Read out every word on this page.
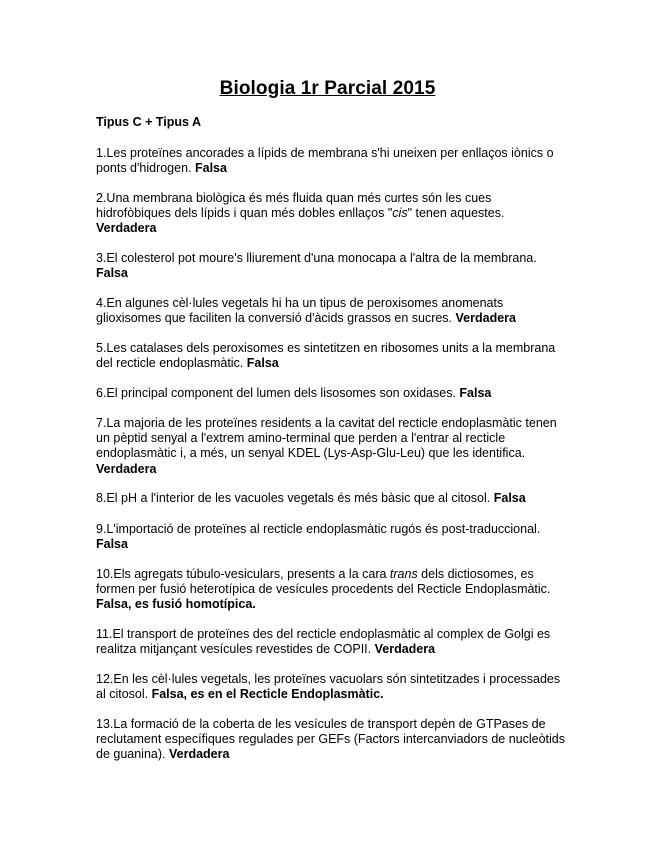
Biologia 1r Parcial 2015
Tipus C + Tipus A

1.Les proteïnes ancorades a lípids de membrana s'hi uneixen per enllaços iònics o ponts d'hidrogen. Falsa

2.Una membrana biològica és més fluida quan més curtes són les cues hidrofòbiques dels lípids i quan més dobles enllaços "cis" tenen aquestes.
Verdadera

3.El colesterol pot moure's lliurement d'una monocapa a l'altra de la membrana.
Falsa

4.En algunes cèl·lules vegetals hi ha un tipus de peroxisomes anomenats glioxisomes que faciliten la conversió d'àcids grassos en sucres. Verdadera

5.Les catalases dels peroxisomes es sintetitzen en ribosomes units a la membrana del recticle endoplasmàtic. Falsa

6.El principal component del lumen dels lisosomes son oxidases. Falsa

7.La majoria de les proteïnes residents a la cavitat del recticle endoplasmàtic tenen un pèptid senyal a l'extrem amino-terminal que perden a l'entrar al recticle endoplasmàtic i, a més, un senyal KDEL (Lys-Asp-Glu-Leu) que les identifica.
Verdadera

8.El pH a l'interior de les vacuoles vegetals és més bàsic que al citosol. Falsa

9.L'importació de proteïnes al recticle endoplasmàtic rugós és post-traduccional.
Falsa

10.Els agregats túbulo-vesiculars, presents a la cara trans dels dictiosomes, es formen per fusió heterotípica de vesícules procedents del Recticle Endoplasmàtic.
Falsa, es fusió homotípica.

11.El transport de proteïnes des del recticle endoplasmàtic al complex de Golgi es realitza mitjançant vesícules revestides de COPII. Verdadera

12.En les cèl·lules vegetals, les proteïnes vacuolars són sintetitzades i processades al citosol. Falsa, es en el Recticle Endoplasmàtic.

13.La formació de la coberta de les vesícules de transport depèn de GTPases de reclutament específiques regulades per GEFs (Factors intercanviadors de nucleòtids de guanina). Verdadera
